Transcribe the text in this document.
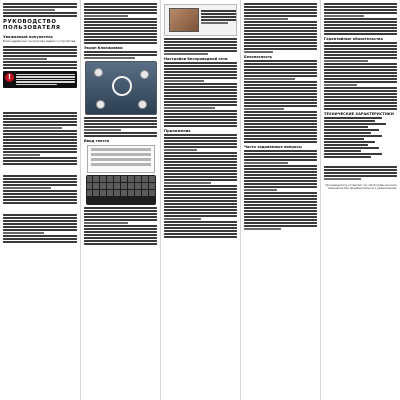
РУКОВОДСТВО ПОЛЬЗОВАТЕЛЯ
Уважаемый покупатель
Благодарим вас за покупку нашего устройства.
!
Экран блокировки
Ввод текста
Настройки беспроводной сети
Приложения
Безопасность
Часто задаваемые вопросы
Гарантийные обязательства
ТЕХНИЧЕСКИЕ ХАРАКТЕРИСТИКИ
Производитель оставляет за собой право вносить изменения без предварительного уведомления.
